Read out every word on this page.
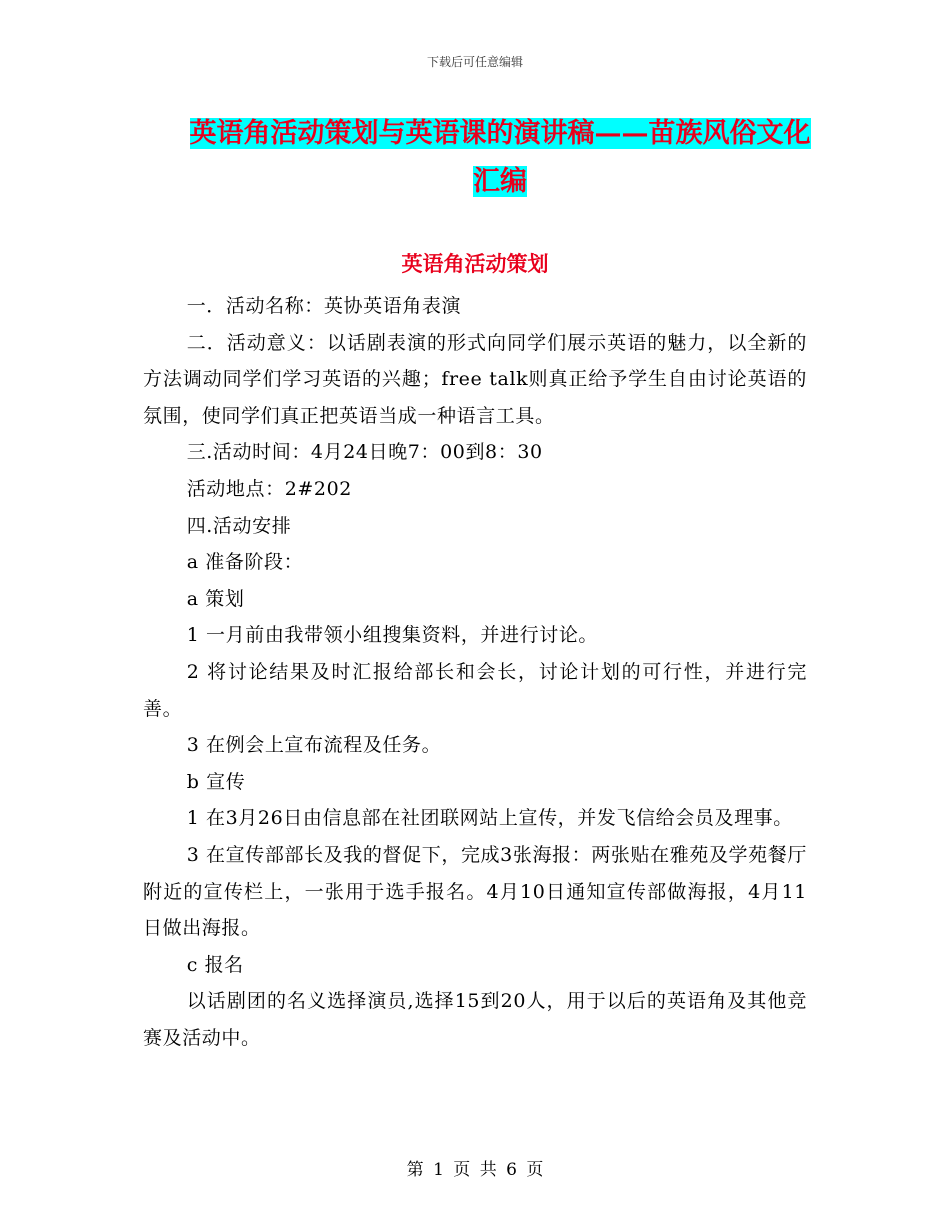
下载后可任意编辑
英语角活动策划与英语课的演讲稿——苗族风俗文化
汇编
英语角活动策划

一．活动名称：英协英语角表演

二．活动意义：以话剧表演的形式向同学们展示英语的魅力，以全新的方法调动同学们学习英语的兴趣；free talk则真正给予学生自由讨论英语的氛围，使同学们真正把英语当成一种语言工具。

三.活动时间：4月24日晚7：00到8：30

活动地点：2#202

四.活动安排

a 准备阶段：

a 策划

1 一月前由我带领小组搜集资料，并进行讨论。

2 将讨论结果及时汇报给部长和会长，讨论计划的可行性，并进行完善。

3 在例会上宣布流程及任务。

b 宣传

1 在3月26日由信息部在社团联网站上宣传，并发飞信给会员及理事。

3 在宣传部部长及我的督促下，完成3张海报：两张贴在雅苑及学苑餐厅附近的宣传栏上，一张用于选手报名。4月10日通知宣传部做海报，4月11日做出海报。

c 报名

以话剧团的名义选择演员,选择15到20人，用于以后的英语角及其他竞赛及活动中。

第 1 页 共 6 页
